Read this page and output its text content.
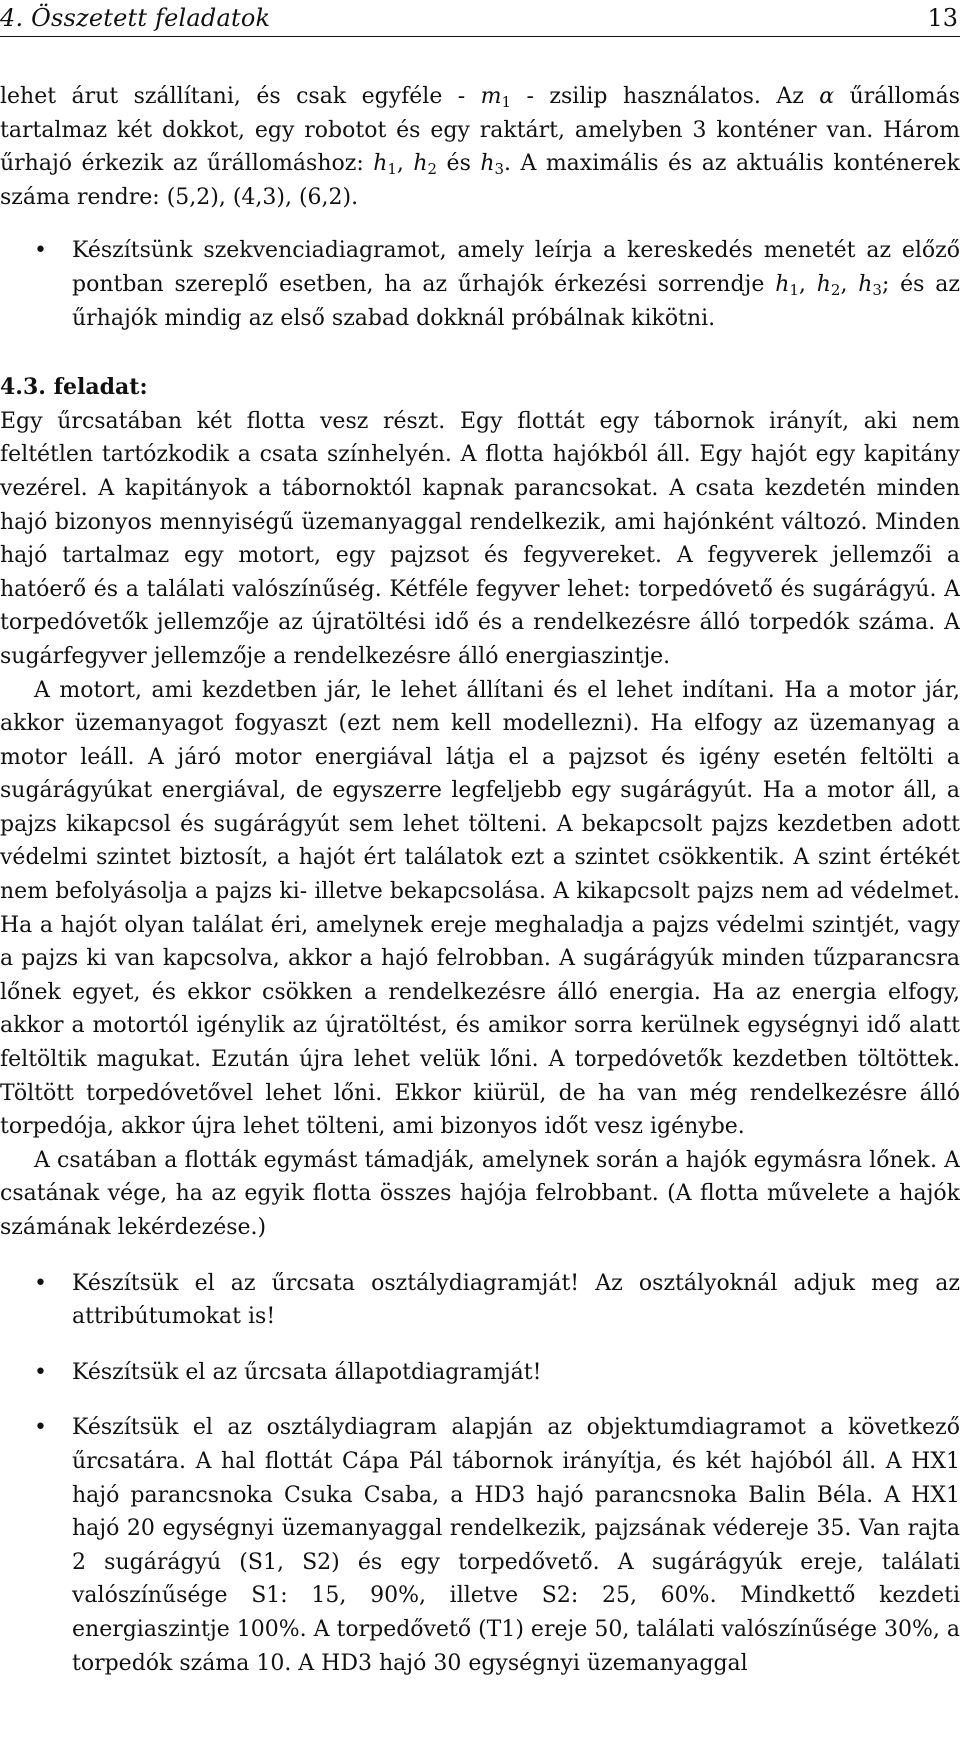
4. Összetett feladatok	13

lehet árut szállítani, és csak egyféle - $m_1$ - zsilip használatos. Az α űrállomás tartalmaz két dokkot, egy robotot és egy raktárt, amelyben 3 konténer van. Három űrhajó érkezik az űrállomáshoz: $h_1$, $h_2$ és $h_3$. A maximális és az aktuális konténerek száma rendre: (5,2), (4,3), (6,2).

• Készítsünk szekvenciadiagramot, amely leírja a kereskedés menetét az előző pontban szereplő esetben, ha az űrhajók érkezési sorrendje $h_1$, $h_2$, $h_3$; és az űrhajók mindig az első szabad dokknál próbálnak kikötni.

4.3. feladat:

Egy űrcsatában két flotta vesz részt. Egy flottát egy tábornok irányít, aki nem feltétlen tartózkodik a csata színhelyén. A flotta hajókból áll. Egy hajót egy kapitány vezérel. A kapitányok a tábornoktól kapnak parancsokat. A csata kezdetén minden hajó bizonyos mennyiségű üzemanyaggal rendelkezik, ami hajónként változó. Minden hajó tartalmaz egy motort, egy pajzsot és fegyvereket. A fegyverek jellemzői a hatóerő és a találati valószínűség. Kétféle fegyver lehet: torpedóvető és sugárágyú. A torpedóvetők jellemzője az újratöltési idő és a rendelkezésre álló torpedók száma. A sugárfegyver jellemzője a rendelkezésre álló energiaszintje.

A motort, ami kezdetben jár, le lehet állítani és el lehet indítani. Ha a motor jár, akkor üzemanyagot fogyaszt (ezt nem kell modellezni). Ha elfogy az üzemanyag a motor leáll. A járó motor energiával látja el a pajzsot és igény esetén feltölti a sugárágyúkat energiával, de egyszerre legfeljebb egy sugárágyút. Ha a motor áll, a pajzs kikapcsol és sugárágyút sem lehet tölteni. A bekapcsolt pajzs kezdetben adott védelmi szintet biztosít, a hajót ért találatok ezt a szintet csökkentik. A szint értékét nem befolyásolja a pajzs ki- illetve bekapcsolása. A kikapcsolt pajzs nem ad védelmet. Ha a hajót olyan találat éri, amelynek ereje meghaladja a pajzs védelmi szintjét, vagy a pajzs ki van kapcsolva, akkor a hajó felrobban. A sugárágyúk minden tűzparancsra lőnek egyet, és ekkor csökken a rendelkezésre álló energia. Ha az energia elfogy, akkor a motortól igénylik az újratöltést, és amikor sorra kerülnek egységnyi idő alatt feltöltik magukat. Ezután újra lehet velük lőni. A torpedóvetők kezdetben töltöttek. Töltött torpedóvetővel lehet lőni. Ekkor kiürül, de ha van még rendelkezésre álló torpedója, akkor újra lehet tölteni, ami bizonyos időt vesz igénybe.

A csatában a flották egymást támadják, amelynek során a hajók egymásra lőnek. A csatának vége, ha az egyik flotta összes hajója felrobbant. (A flotta művelete a hajók számának lekérdezése.)

• Készítsük el az űrcsata osztálydiagramját! Az osztályoknál adjuk meg az attribútumokat is!

• Készítsük el az űrcsata állapotdiagramját!

• Készítsük el az osztálydiagram alapján az objektumdiagramot a következő űrcsatára. A hal flottát Cápa Pál tábornok irányítja, és két hajóból áll. A HX1 hajó parancsnoka Csuka Csaba, a HD3 hajó parancsnoka Balin Béla. A HX1 hajó 20 egységnyi üzemanyaggal rendelkezik, pajzsának védereje 35. Van rajta 2 sugárágyú (S1, S2) és egy torpedővető. A sugárágyúk ereje, találati valószínűsége S1: 15, 90%, illetve S2: 25, 60%. Mindkettő kezdeti energiaszintje 100%. A torpedővető (T1) ereje 50, találati valószínűsége 30%, a torpedók száma 10. A HD3 hajó 30 egységnyi üzemanyaggal
